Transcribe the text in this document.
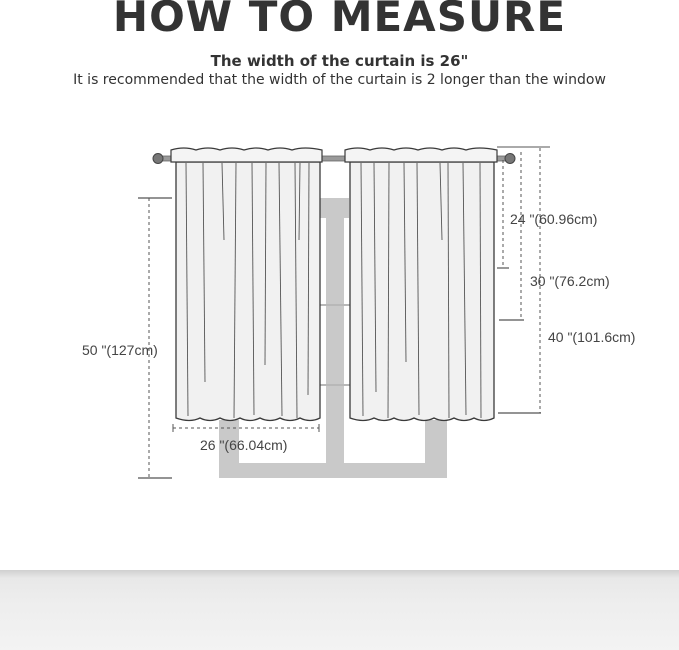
HOW TO MEASURE
The width of the curtain is 26"
It is recommended that the width of the curtain is 2 longer than the window
24 "(60.96cm)
30 "(76.2cm)
40 "(101.6cm)
50 "(127cm)
26 "(66.04cm)
